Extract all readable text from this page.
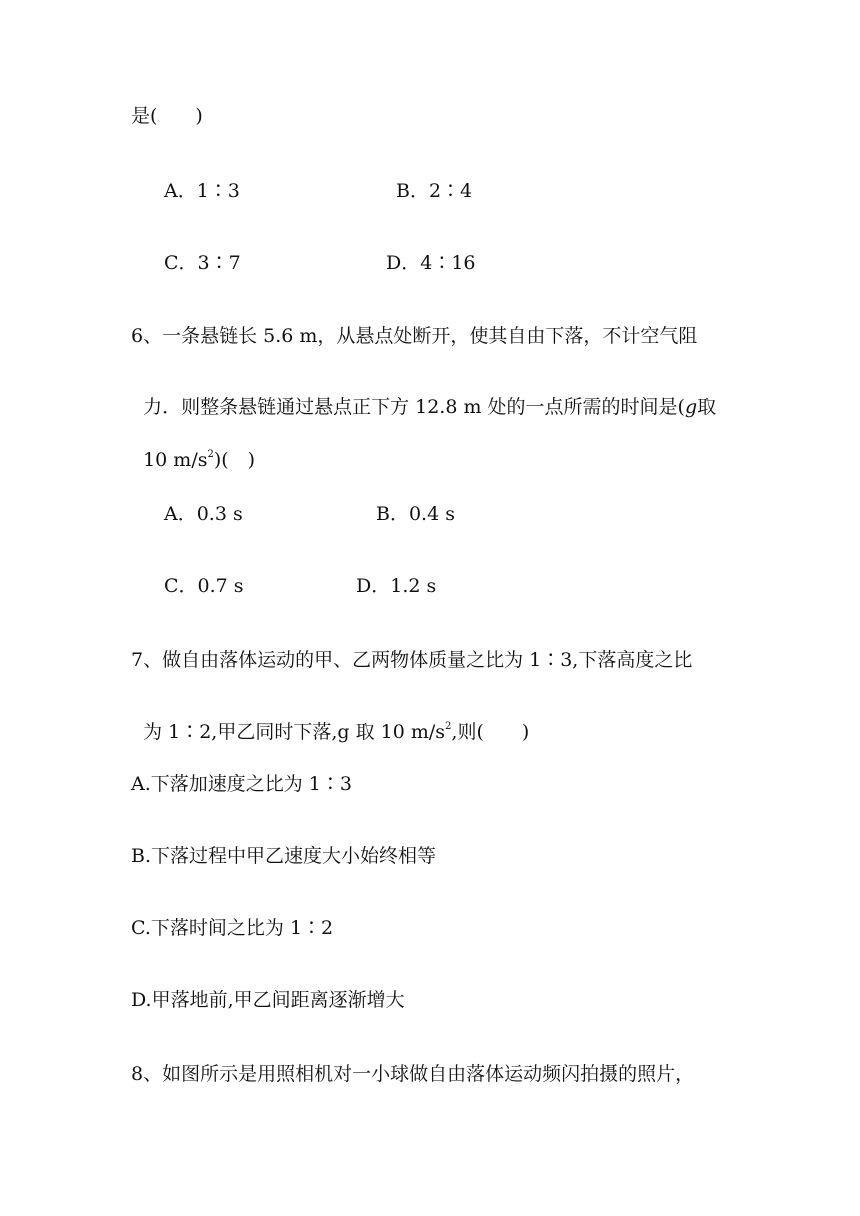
是(　　)
A．1∶3	B．2∶4
C．3∶7	D．4∶16
6、一条悬链长 5.6 m，从悬点处断开，使其自由下落，不计空气阻

力．则整条悬链通过悬点正下方 12.8 m 处的一点所需的时间是(g取

10 $m/s^2$)(　)

A．0.3 s	B．0.4 s
C．0.7 s	D．1.2 s
7、做自由落体运动的甲、乙两物体质量之比为 1∶3,下落高度之比

为 1∶2,甲乙同时下落,g 取 10 $m/s^2$,则(　　)

A.下落加速度之比为 1∶3
B.下落过程中甲乙速度大小始终相等
C.下落时间之比为 1∶2
D.甲落地前,甲乙间距离逐渐增大
8、如图所示是用照相机对一小球做自由落体运动频闪拍摄的照片，
